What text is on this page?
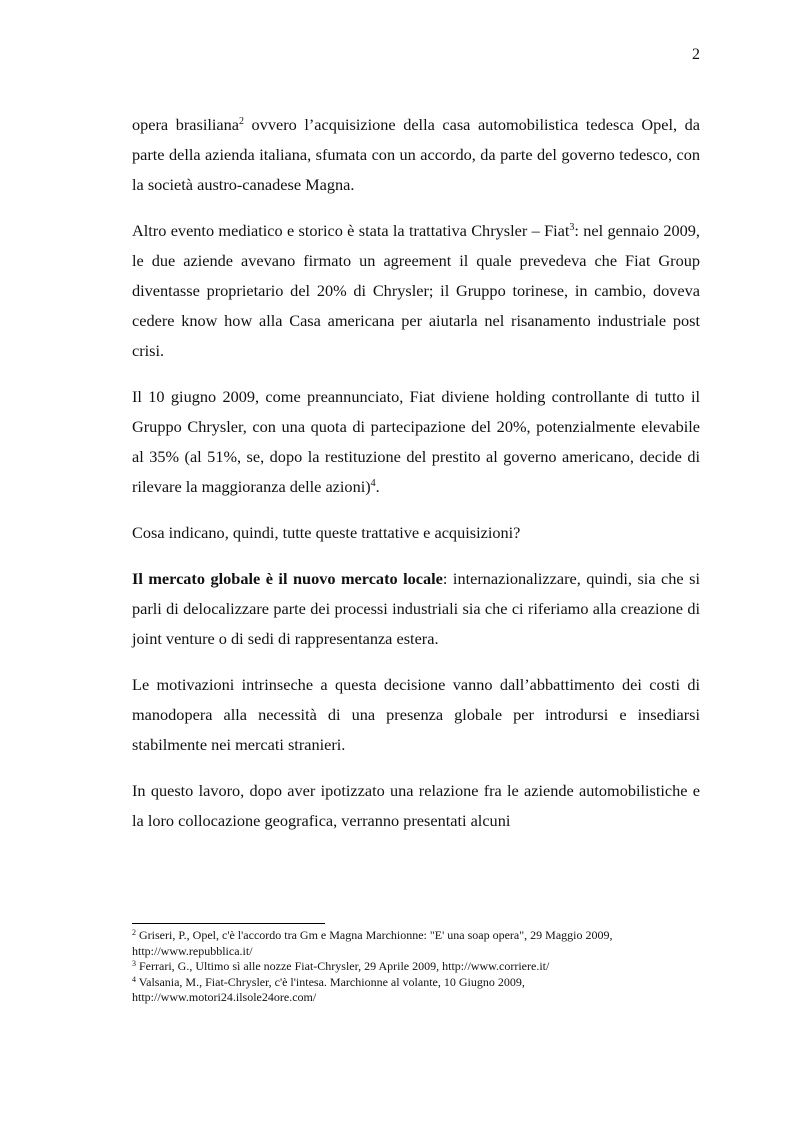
2

opera brasiliana$^2$ ovvero l’acquisizione della casa automobilistica tedesca Opel, da parte della azienda italiana, sfumata con un accordo, da parte del governo tedesco, con la società austro-canadese Magna.

Altro evento mediatico e storico è stata la trattativa Chrysler – Fiat$^3$: nel gennaio 2009, le due aziende avevano firmato un agreement il quale prevedeva che Fiat Group diventasse proprietario del 20% di Chrysler; il Gruppo torinese, in cambio, doveva cedere know how alla Casa americana per aiutarla nel risanamento industriale post crisi.

Il 10 giugno 2009, come preannunciato, Fiat diviene holding controllante di tutto il Gruppo Chrysler, con una quota di partecipazione del 20%, potenzialmente elevabile al 35% (al 51%, se, dopo la restituzione del prestito al governo americano, decide di rilevare la maggioranza delle azioni)$^4$.

Cosa indicano, quindi, tutte queste trattative e acquisizioni?

Il mercato globale è il nuovo mercato locale: internazionalizzare, quindi, sia che si parli di delocalizzare parte dei processi industriali sia che ci riferiamo alla creazione di joint venture o di sedi di rappresentanza estera.

Le motivazioni intrinseche a questa decisione vanno dall’abbattimento dei costi di manodopera alla necessità di una presenza globale per introdursi e insediarsi stabilmente nei mercati stranieri.

In questo lavoro, dopo aver ipotizzato una relazione fra le aziende automobilistiche e la loro collocazione geografica, verranno presentati alcuni

$^2$ Griseri, P., Opel, c'è l'accordo tra Gm e Magna Marchionne: "E' una soap opera", 29 Maggio 2009, http://www.repubblica.it/

$^3$ Ferrari, G., Ultimo sì alle nozze Fiat-Chrysler, 29 Aprile 2009, http://www.corriere.it/

$^4$ Valsania, M., Fiat-Chrysler, c'è l'intesa. Marchionne al volante, 10 Giugno 2009, http://www.motori24.ilsole24ore.com/
